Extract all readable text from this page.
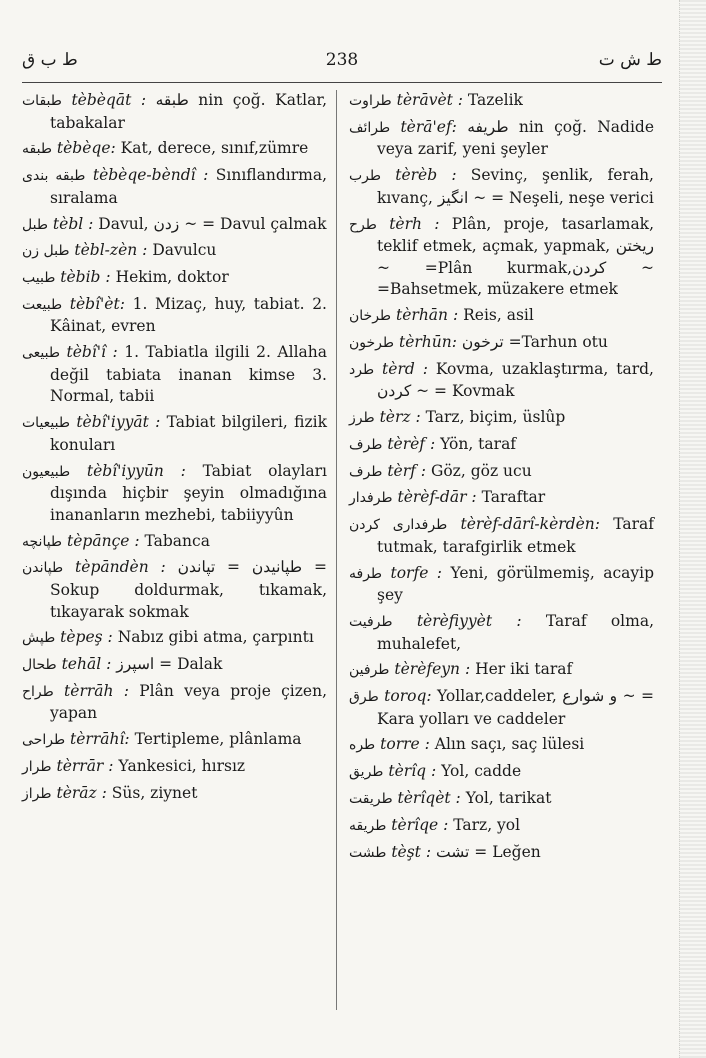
ط ب ق	238	ط ش ت

طبقات tèbèqāt : طبقه nin çoğ. Katlar, tabakalar

طبقه tèbèqe: Kat, derece, sınıf,zümre

طبقه بندى tèbèqe-bèndî : Sınıflandırma, sıralama

طبل tèbl : Davul, زدن ~ = Davul çalmak

طبل زن tèbl-zèn : Davulcu

طبيب tèbib : Hekim, doktor

طبيعت tèbî'èt: 1. Mizaç, huy, tabiat. 2. Kâinat, evren

طبيعى tèbî'î : 1. Tabiatla ilgili 2. Allaha değil tabiata inanan kimse 3. Normal, tabii

طبيعيات tèbî'iyyāt : Tabiat bilgileri, fizik konuları

طبيعيون tèbî'iyyūn : Tabiat olayları dışında hiçbir şeyin olmadığına inananların mezhebi, tabiiyyûn

طپانچه tèpānçe : Tabanca

طپاندن tèpāndèn : طپانيدن = تپاندن = Sokup doldurmak, tıkamak, tıkayarak sokmak

طپش tèpeş : Nabız gibi atma, çarpıntı

طحال tehāl : اسپرز = Dalak

طراح tèrrāh : Plân veya proje çizen, yapan

طراحى tèrrāhî: Tertipleme, plânlama

طرار tèrrār : Yankesici, hırsız

طراز tèrāz : Süs, ziynet

طراوت tèrāvèt : Tazelik

طرائف tèrā'ef: طريفه nin çoğ. Nadide veya zarif, yeni şeyler

طرب tèrèb : Sevinç, şenlik, ferah, kıvanç, انگيز ~ = Neşeli, neşe verici

طرح tèrh : Plân, proje, tasarlamak, teklif etmek, açmak, yapmak, ريختن ~ =Plân kurmak,كردن ~ =Bahsetmek, müzakere etmek

طرخان tèrhān : Reis, asil

طرخون tèrhūn: ترخون =Tarhun otu

طرد tèrd : Kovma, uzaklaştırma, tard, كردن ~ = Kovmak

طرز tèrz : Tarz, biçim, üslûp

طرف tèrèf : Yön, taraf

طرف tèrf : Göz, göz ucu

طرفدار tèrèf-dār : Taraftar

طرفدارى كردن tèrèf-dārî-kèrdèn: Taraf tutmak, tarafgirlik etmek

طرفه torfe : Yeni, görülmemiş, acayip şey

طرفيت tèrèfiyyèt : Taraf olma, muhalefet,

طرفين tèrèfeyn : Her iki taraf

طرق toroq: Yollar,caddeler, و شوارع ~ = Kara yolları ve caddeler

طره torre : Alın saçı, saç lülesi

طريق tèrîq : Yol, cadde

طريقت tèrîqèt : Yol, tarikat

طريقه tèrîqe : Tarz, yol

طشت tèşt : تشت = Leğen
